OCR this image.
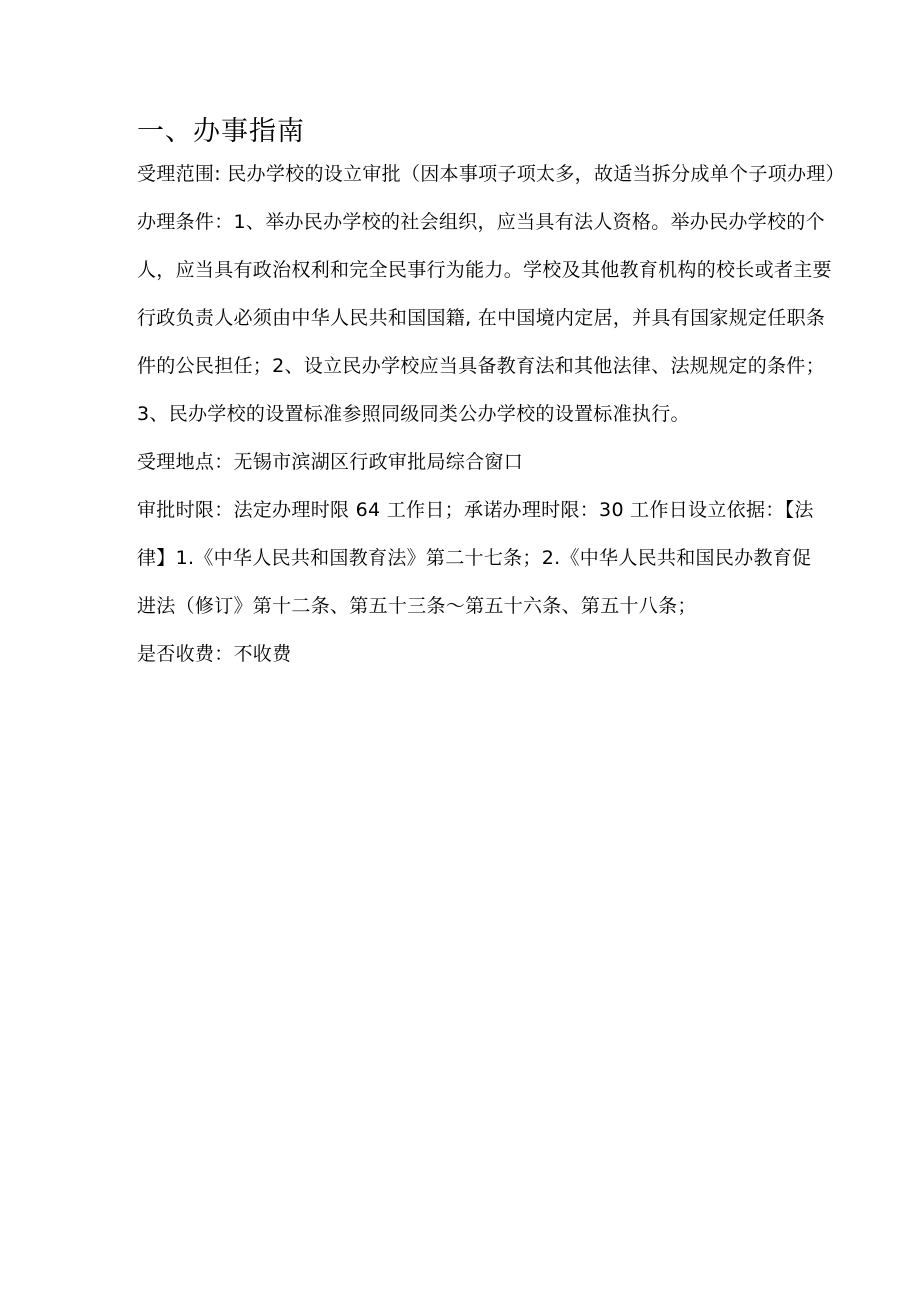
一、办事指南
受理范围: 民办学校的设立审批（因本事项子项太多，故适当拆分成单个子项办理）
办理条件：1、举办民办学校的社会组织，应当具有法人资格。举办民办学校的个
人，应当具有政治权利和完全民事行为能力。学校及其他教育机构的校长或者主要
行政负责人必须由中华人民共和国国籍, 在中国境内定居，并具有国家规定任职条
件的公民担任；2、设立民办学校应当具备教育法和其他法律、法规规定的条件；
3、民办学校的设置标准参照同级同类公办学校的设置标准执行。
受理地点：无锡市滨湖区行政审批局综合窗口
审批时限：法定办理时限 64 工作日；承诺办理时限：30 工作日设立依据：【法
律】1.《中华人民共和国教育法》第二十七条；2.《中华人民共和国民办教育促
进法（修订》第十二条、第五十三条～第五十六条、第五十八条；
是否收费：不收费
